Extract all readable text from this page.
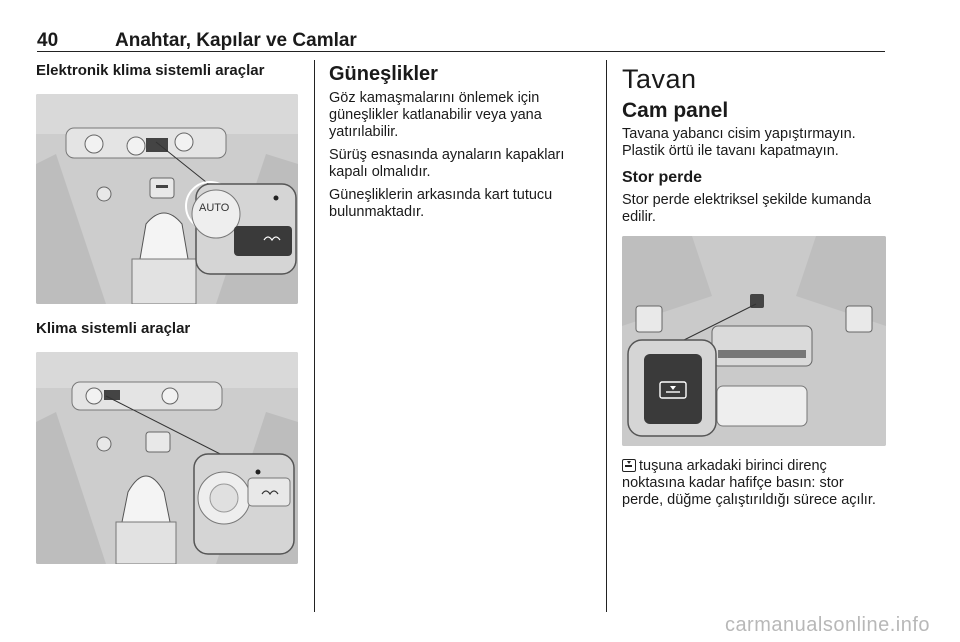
40	Anahtar, Kapılar ve Camlar
Elektronik klima sistemli araçlar
AUTO
Klima sistemli araçlar
Güneşlikler

Göz kamaşmalarını önlemek için güneşlikler katlanabilir veya yana yatırılabilir.

Sürüş esnasında aynaların kapakları kapalı olmalıdır.

Güneşliklerin arkasında kart tutucu bulunmaktadır.

Tavan
Cam panel

Tavana yabancı cisim yapıştırmayın. Plastik örtü ile tavanı kapatmayın.

Stor perde

Stor perde elektriksel şekilde kumanda edilir.

tuşuna arkadaki birinci direnç noktasına kadar hafifçe basın: stor perde, düğme çalıştırıldığı sürece açılır.

carmanualsonline.info
